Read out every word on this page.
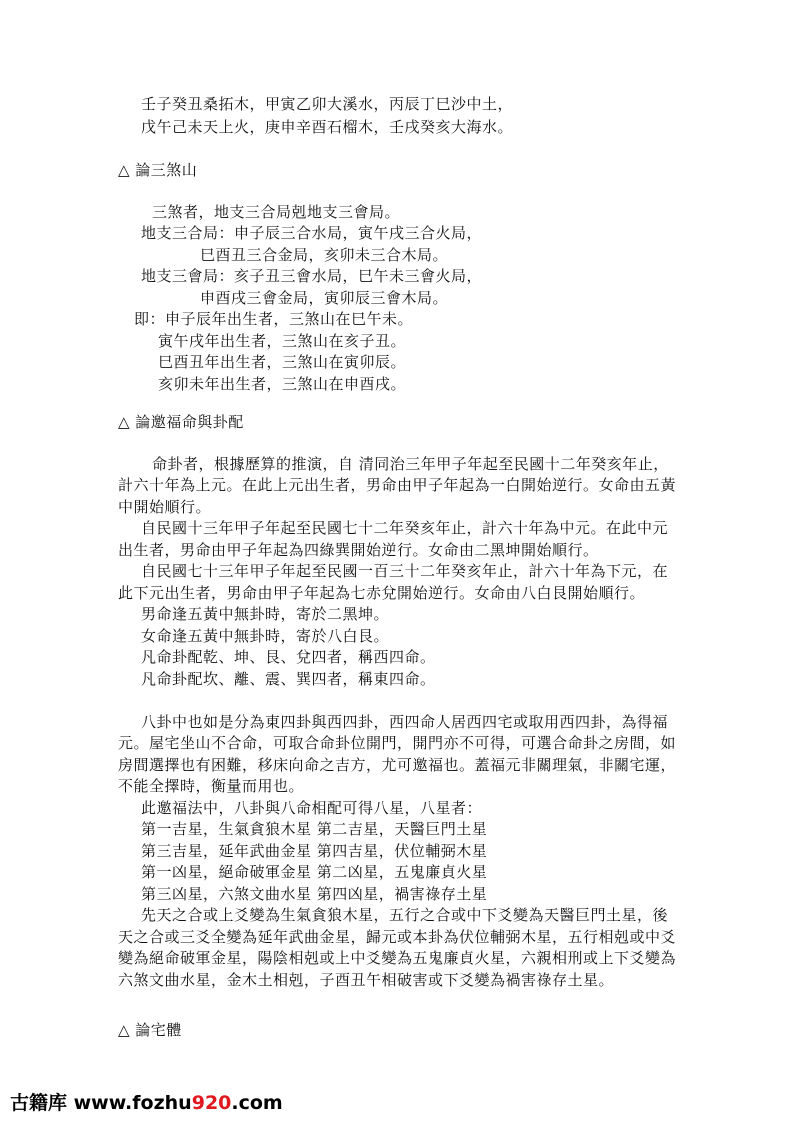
壬子癸丑桑拓木，甲寅乙卯大溪水，丙辰丁巳沙中土，
戊午己未天上火，庚申辛酉石榴木，壬戌癸亥大海水。
△ 論三煞山
三煞者，地支三合局剋地支三會局。
地支三合局：申子辰三合水局，寅午戌三合火局，
巳酉丑三合金局，亥卯未三合木局。
地支三會局：亥子丑三會水局，巳午未三會火局，
申酉戌三會金局，寅卯辰三會木局。
即：申子辰年出生者，三煞山在巳午未。
寅午戌年出生者，三煞山在亥子丑。
巳酉丑年出生者，三煞山在寅卯辰。
亥卯未年出生者，三煞山在申酉戌。
△ 論邀福命與卦配
命卦者，根據歷算的推演，自 清同治三年甲子年起至民國十二年癸亥年止，
計六十年為上元。在此上元出生者，男命由甲子年起為一白開始逆行。女命由五黃
中開始順行。
自民國十三年甲子年起至民國七十二年癸亥年止，計六十年為中元。在此中元
出生者，男命由甲子年起為四綠巽開始逆行。女命由二黑坤開始順行。
自民國七十三年甲子年起至民國一百三十二年癸亥年止，計六十年為下元，在
此下元出生者，男命由甲子年起為七赤兌開始逆行。女命由八白艮開始順行。
男命逢五黃中無卦時，寄於二黑坤。
女命逢五黃中無卦時，寄於八白艮。
凡命卦配乾、坤、艮、兌四者，稱西四命。
凡命卦配坎、離、震、巽四者，稱東四命。
八卦中也如是分為東四卦與西四卦，西四命人居西四宅或取用西四卦，為得福
元。屋宅坐山不合命，可取合命卦位開門，開門亦不可得，可選合命卦之房間，如
房間選擇也有困難，移床向命之吉方，尤可邀福也。蓋福元非關理氣，非關宅運，
不能全擇時，衡量而用也。
此邀福法中，八卦與八命相配可得八星，八星者：
第一吉星，生氣貪狼木星 第二吉星，天醫巨門土星
第三吉星，延年武曲金星 第四吉星，伏位輔弼木星
第一凶星，絕命破軍金星 第二凶星，五鬼廉貞火星
第三凶星，六煞文曲水星 第四凶星，禍害祿存土星
先天之合或上爻變為生氣貪狼木星，五行之合或中下爻變為天醫巨門土星，後
天之合或三爻全變為延年武曲金星，歸元或本卦為伏位輔弼木星，五行相剋或中爻
變為絕命破軍金星，陽陰相剋或上中爻變為五鬼廉貞火星，六親相刑或上下爻變為
六煞文曲水星，金木土相剋，子酉丑午相破害或下爻變為禍害祿存土星。
△ 論宅體
古籍库 www.fozhu920.com
